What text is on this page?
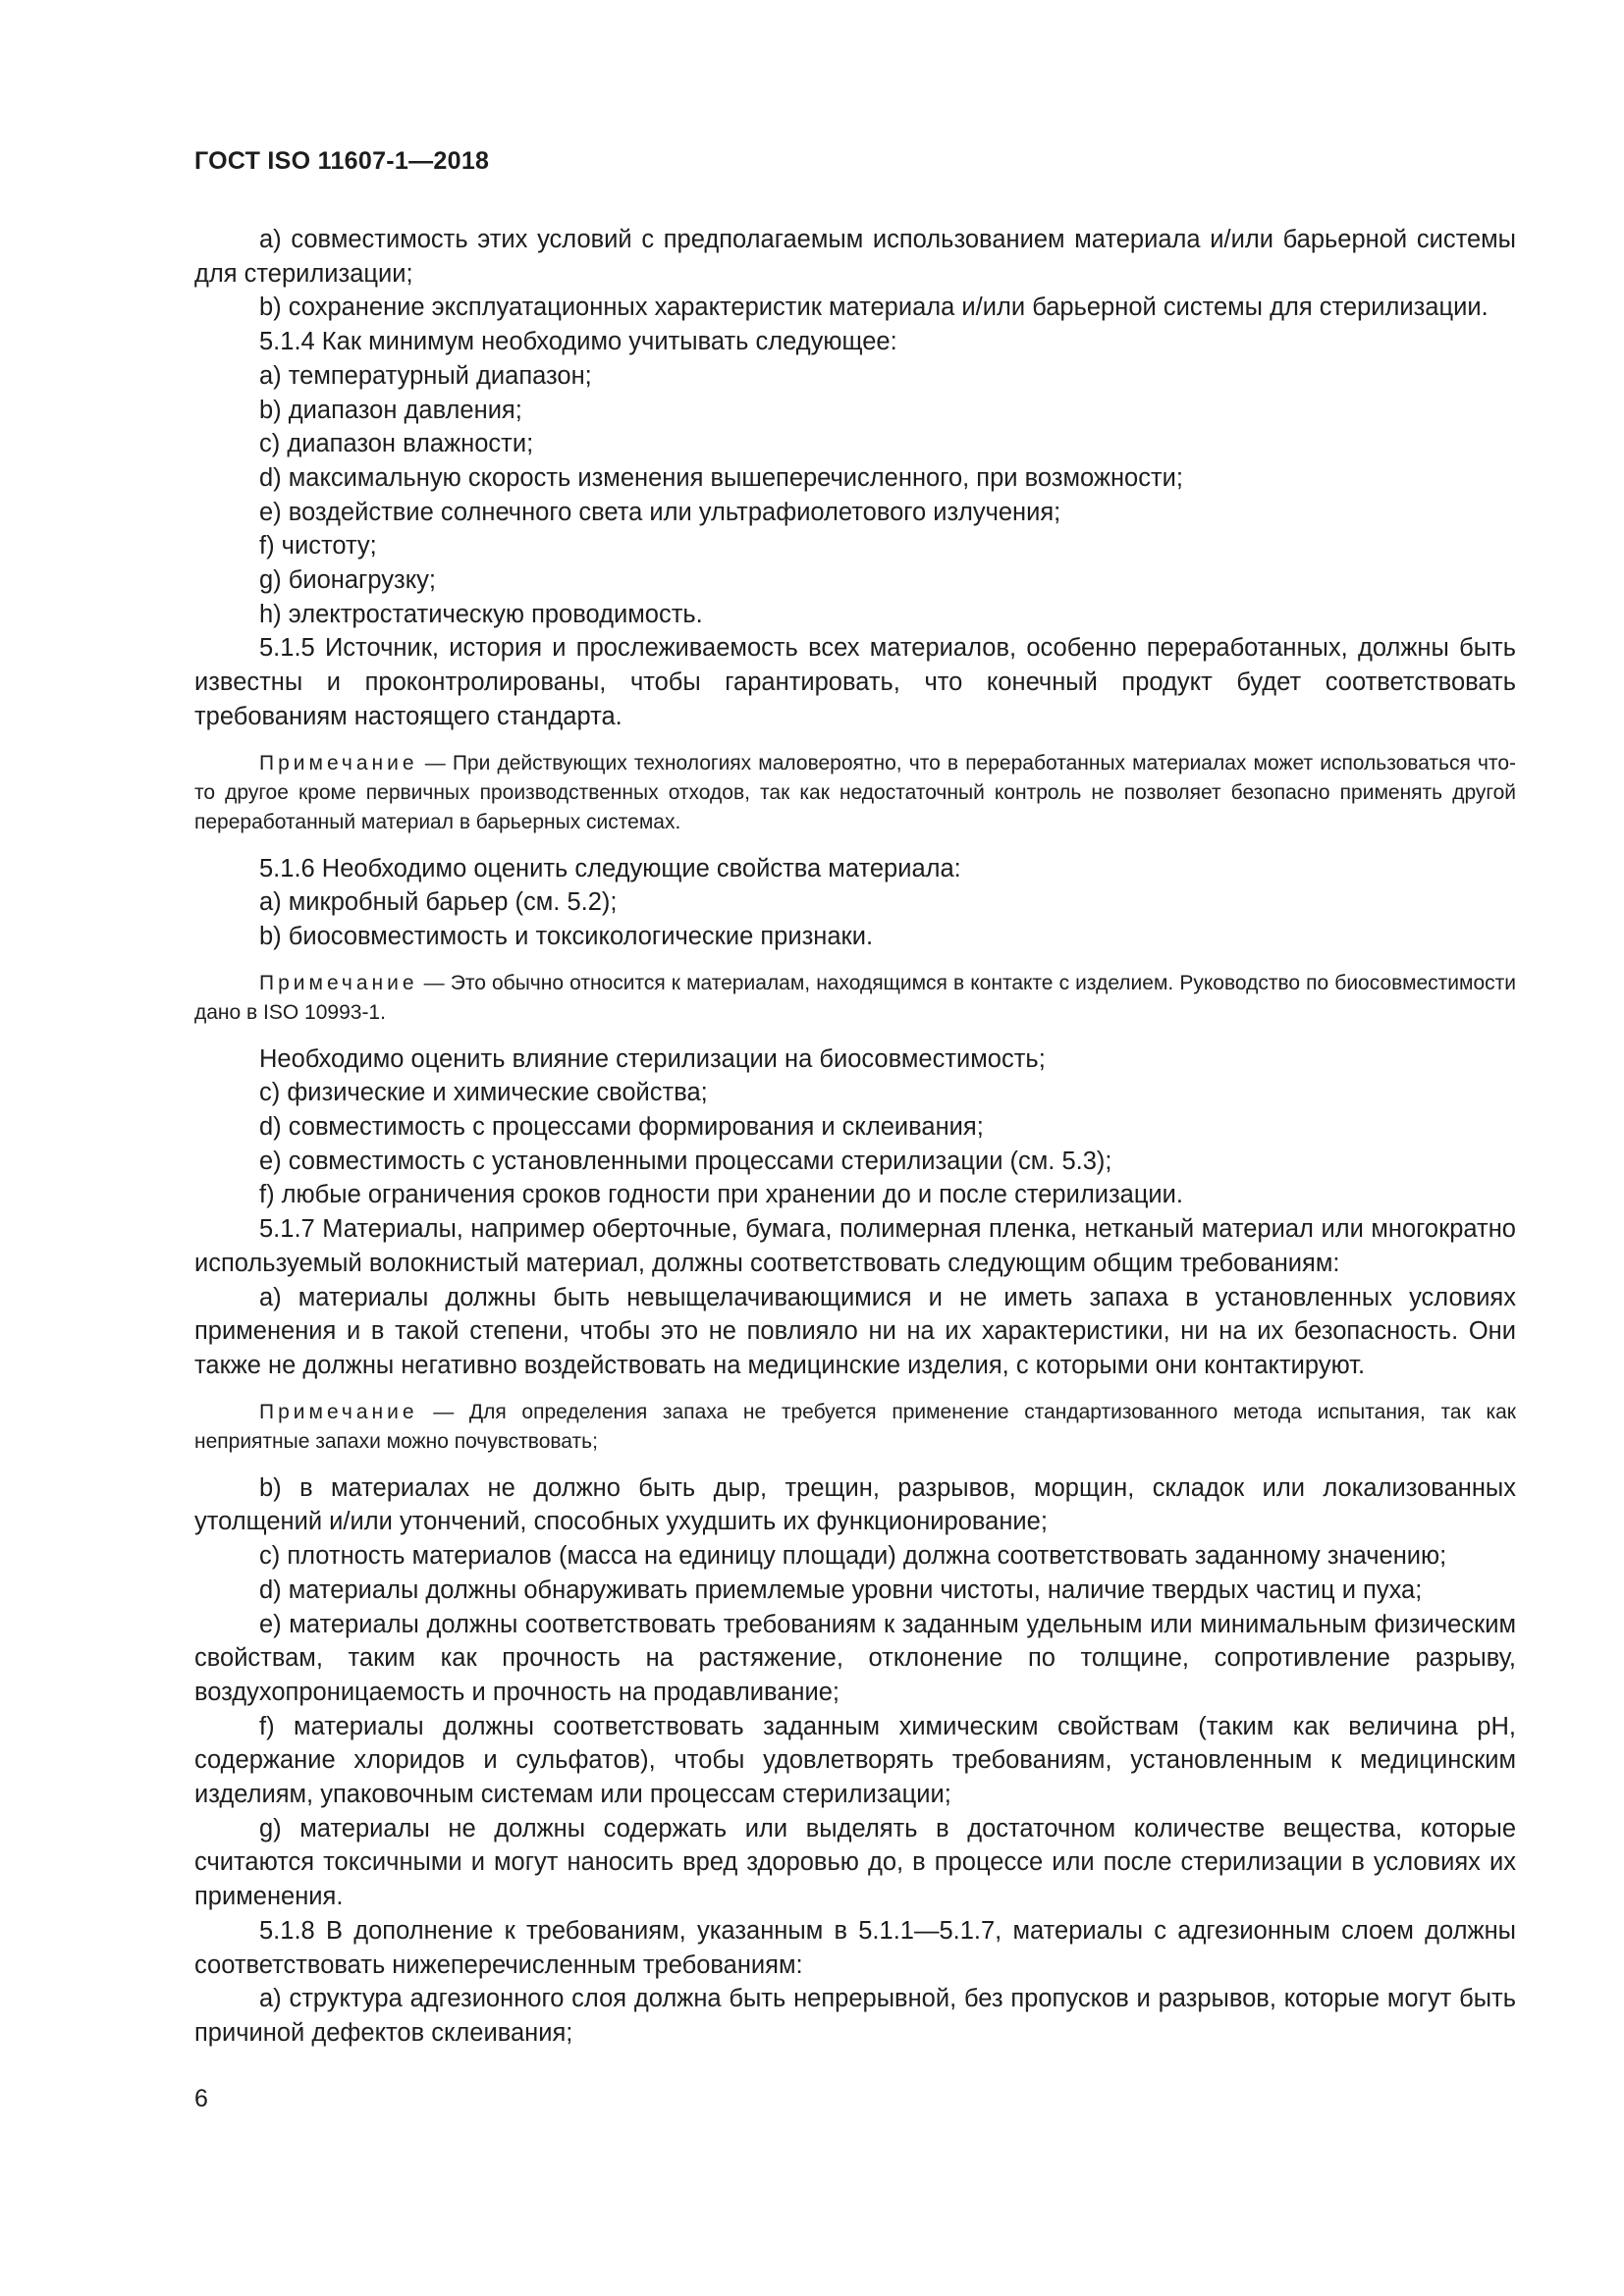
ГОСТ ISO 11607-1—2018

а) совместимость этих условий с предполагаемым использованием материала и/или барьерной системы для стерилизации;

b) сохранение эксплуатационных характеристик материала и/или барьерной системы для стерилизации.

5.1.4 Как минимум необходимо учитывать следующее:

a) температурный диапазон;

b) диапазон давления;

c) диапазон влажности;

d) максимальную скорость изменения вышеперечисленного, при возможности;

e) воздействие солнечного света или ультрафиолетового излучения;

f) чистоту;

g) бионагрузку;

h) электростатическую проводимость.

5.1.5 Источник, история и прослеживаемость всех материалов, особенно переработанных, должны быть известны и проконтролированы, чтобы гарантировать, что конечный продукт будет соответствовать требованиям настоящего стандарта.

Примечание — При действующих технологиях маловероятно, что в переработанных материалах может использоваться что-то другое кроме первичных производственных отходов, так как недостаточный контроль не позволяет безопасно применять другой переработанный материал в барьерных системах.

5.1.6 Необходимо оценить следующие свойства материала:

a) микробный барьер (см. 5.2);

b) биосовместимость и токсикологические признаки.

Примечание — Это обычно относится к материалам, находящимся в контакте с изделием. Руководство по биосовместимости дано в ISO 10993-1.

Необходимо оценить влияние стерилизации на биосовместимость;

c) физические и химические свойства;

d) совместимость с процессами формирования и склеивания;

e) совместимость с установленными процессами стерилизации (см. 5.3);

f) любые ограничения сроков годности при хранении до и после стерилизации.

5.1.7 Материалы, например оберточные, бумага, полимерная пленка, нетканый материал или многократно используемый волокнистый материал, должны соответствовать следующим общим требованиям:

a) материалы должны быть невыщелачивающимися и не иметь запаха в установленных условиях применения и в такой степени, чтобы это не повлияло ни на их характеристики, ни на их безопасность. Они также не должны негативно воздействовать на медицинские изделия, с которыми они контактируют.

Примечание — Для определения запаха не требуется применение стандартизованного метода испытания, так как неприятные запахи можно почувствовать;

b) в материалах не должно быть дыр, трещин, разрывов, морщин, складок или локализованных утолщений и/или утончений, способных ухудшить их функционирование;

c) плотность материалов (масса на единицу площади) должна соответствовать заданному значению;

d) материалы должны обнаруживать приемлемые уровни чистоты, наличие твердых частиц и пуха;

e) материалы должны соответствовать требованиям к заданным удельным или минимальным физическим свойствам, таким как прочность на растяжение, отклонение по толщине, сопротивление разрыву, воздухопроницаемость и прочность на продавливание;

f) материалы должны соответствовать заданным химическим свойствам (таким как величина рН, содержание хлоридов и сульфатов), чтобы удовлетворять требованиям, установленным к медицинским изделиям, упаковочным системам или процессам стерилизации;

g) материалы не должны содержать или выделять в достаточном количестве вещества, которые считаются токсичными и могут наносить вред здоровью до, в процессе или после стерилизации в условиях их применения.

5.1.8 В дополнение к требованиям, указанным в 5.1.1—5.1.7, материалы с адгезионным слоем должны соответствовать нижеперечисленным требованиям:

a) структура адгезионного слоя должна быть непрерывной, без пропусков и разрывов, которые могут быть причиной дефектов склеивания;

6
